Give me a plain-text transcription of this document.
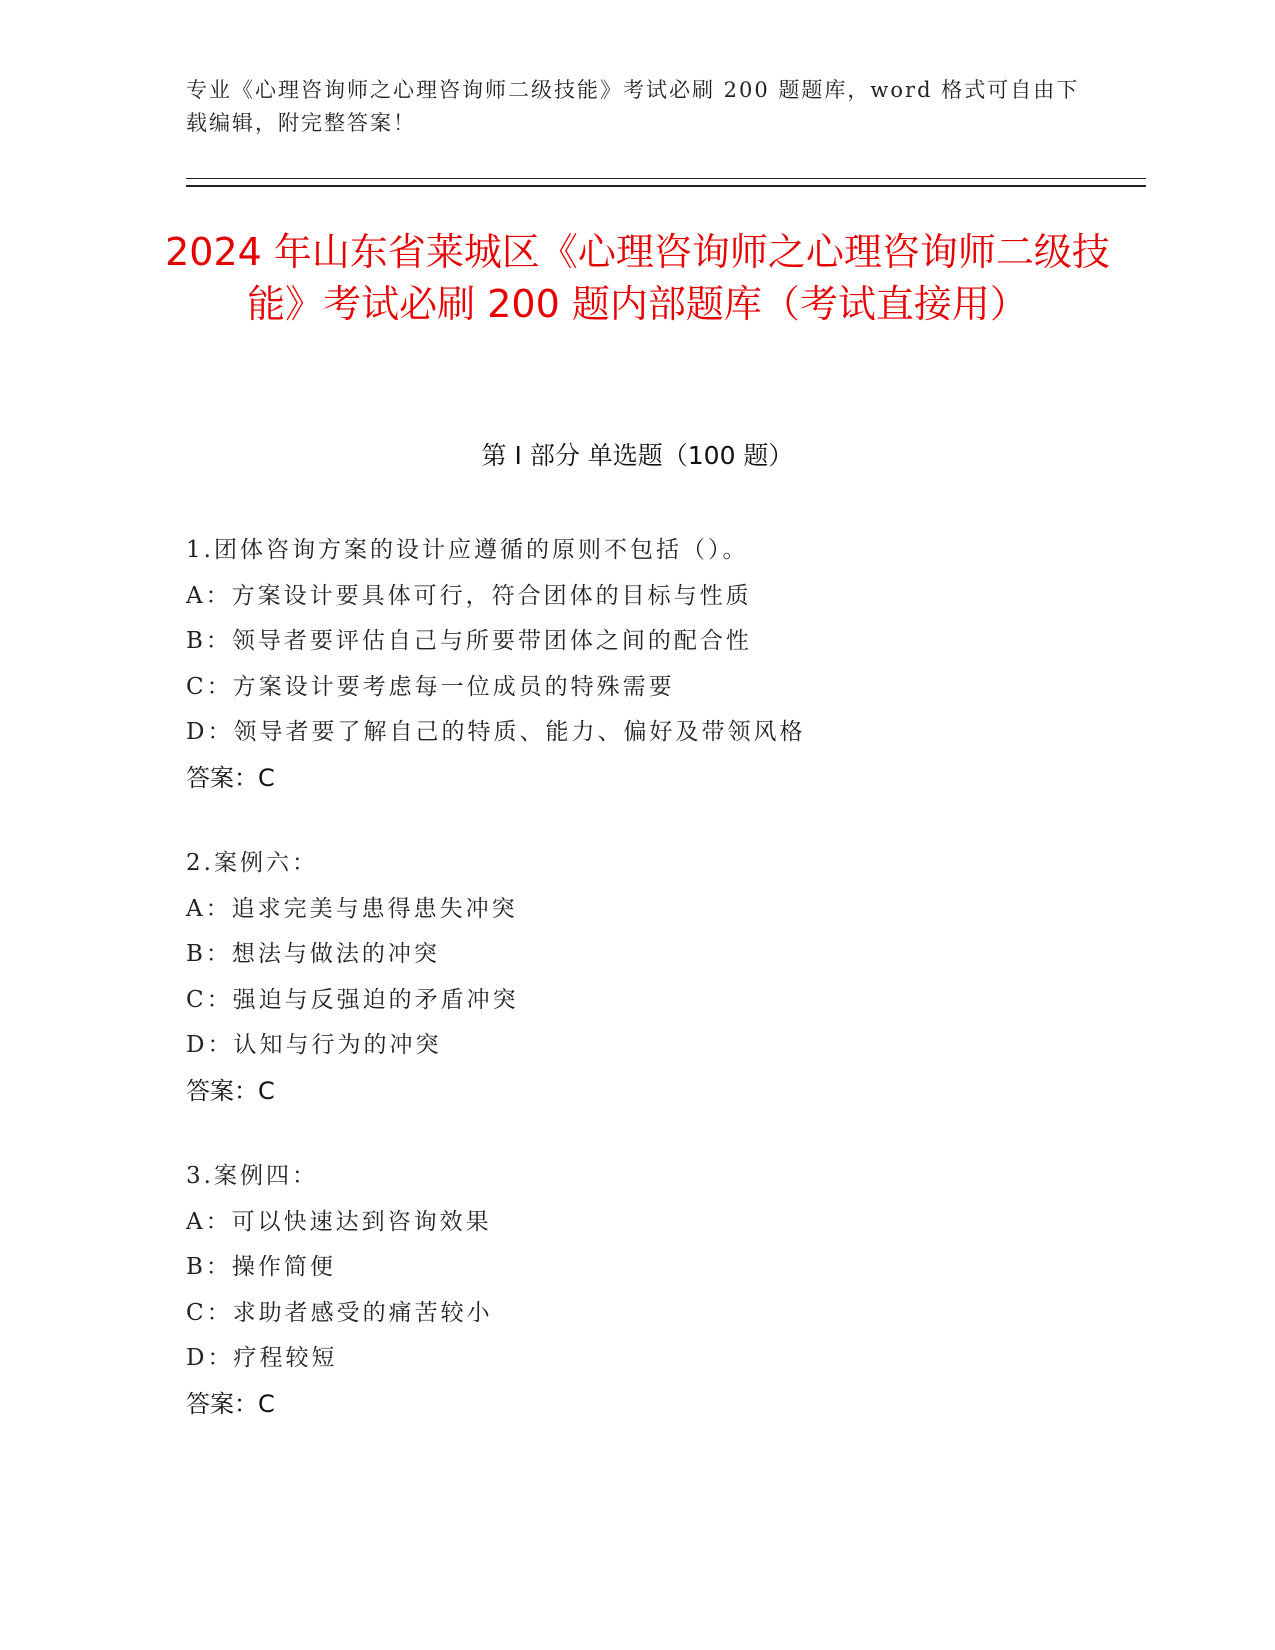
专业《心理咨询师之心理咨询师二级技能》考试必刷 200 题题库，word 格式可自由下载编辑，附完整答案！
2024 年山东省莱城区《心理咨询师之心理咨询师二级技能》考试必刷 200 题内部题库（考试直接用）
第 I 部分 单选题（100 题）
1.团体咨询方案的设计应遵循的原则不包括（）。
A：方案设计要具体可行，符合团体的目标与性质
B：领导者要评估自己与所要带团体之间的配合性
C：方案设计要考虑每一位成员的特殊需要
D：领导者要了解自己的特质、能力、偏好及带领风格
答案：C
2.案例六：
A：追求完美与患得患失冲突
B：想法与做法的冲突
C：强迫与反强迫的矛盾冲突
D：认知与行为的冲突
答案：C
3.案例四：
A：可以快速达到咨询效果
B：操作简便
C：求助者感受的痛苦较小
D：疗程较短
答案：C
